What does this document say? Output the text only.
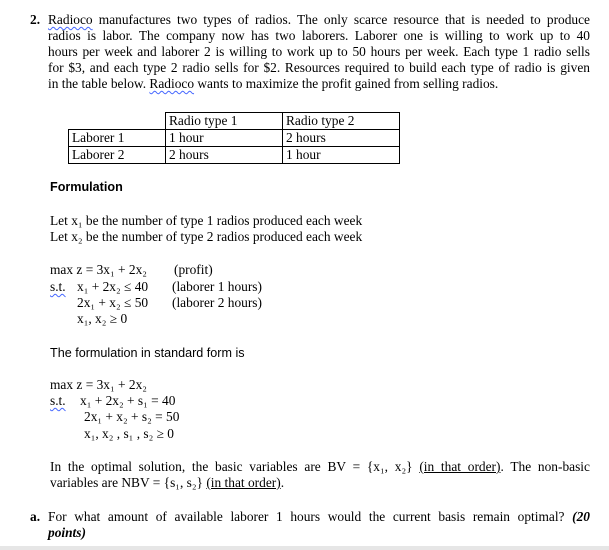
2. Radioco manufactures two types of radios. The only scarce resource that is needed to produce
radios is labor. The company now has two laborers. Laborer one is willing to work up to 40
hours per week and laborer 2 is willing to work up to 50 hours per week. Each type 1 radio sells
for $3, and each type 2 radio sells for $2. Resources required to build each type of radio is given
in the table below. Radioco wants to maximize the profit gained from selling radios.
	Radio type 1	Radio type 2
Laborer 1	1 hour	2 hours
Laborer 2	2 hours	1 hour
Formulation
Let x₁ be the number of type 1 radios produced each week
Let x₂ be the number of type 2 radios produced each week
max z = 3x₁ + 2x₂ (profit)
s.t. x₁ + 2x₂ ≤ 40 (laborer 1 hours)
2x₁ + x₂ ≤ 50 (laborer 2 hours)
x₁, x₂ ≥ 0
The formulation in standard form is
max z = 3x₁ + 2x₂
s.t. x₁ + 2x₂ + s₁ = 40
2x₁ + x₂ + s₂ = 50
x₁, x₂ , s₁ , s₂ ≥ 0
In the optimal solution, the basic variables are BV = {x₁, x₂} (in that order). The non-basic
variables are NBV = {s₁, s₂} (in that order).
a. For what amount of available laborer 1 hours would the current basis remain optimal? (20
points)
